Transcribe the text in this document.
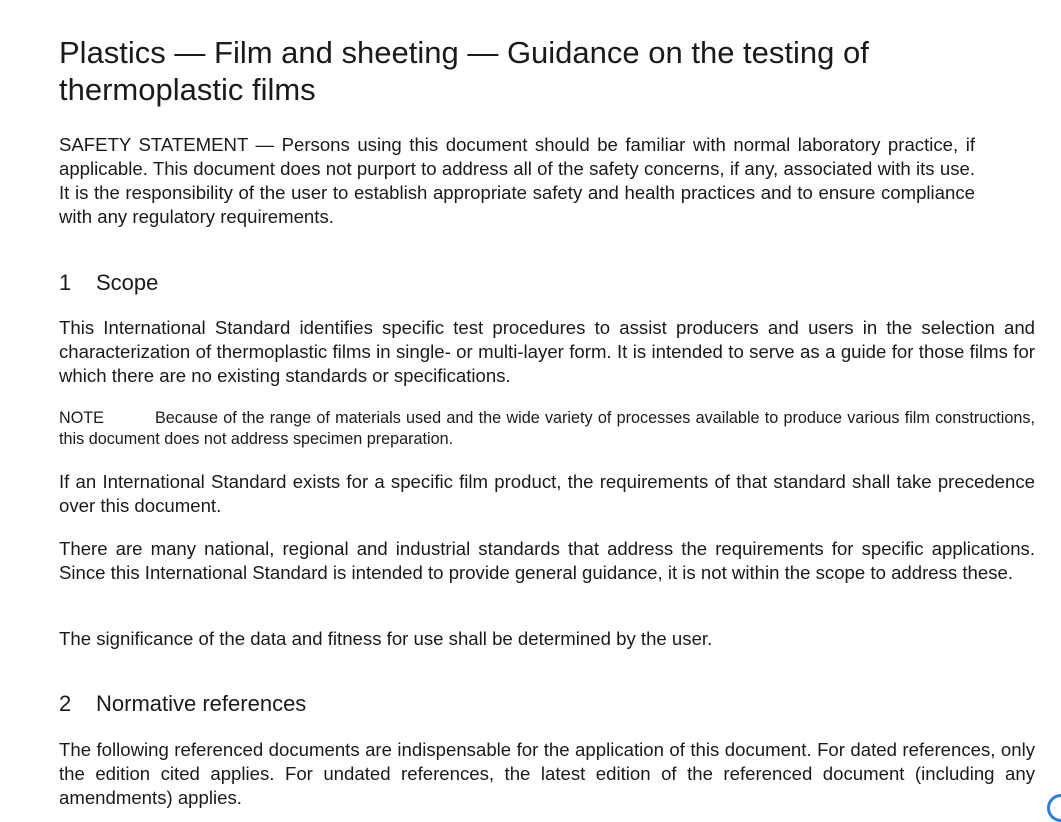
Plastics — Film and sheeting — Guidance on the testing of thermoplastic films

SAFETY STATEMENT — Persons using this document should be familiar with normal laboratory practice, if applicable. This document does not purport to address all of the safety concerns, if any, associated with its use. It is the responsibility of the user to establish appropriate safety and health practices and to ensure compliance with any regulatory requirements.

1 Scope

This International Standard identifies specific test procedures to assist producers and users in the selection and characterization of thermoplastic films in single- or multi-layer form. It is intended to serve as a guide for those films for which there are no existing standards or specifications.

NOTE	Because of the range of materials used and the wide variety of processes available to produce various film constructions, this document does not address specimen preparation.

If an International Standard exists for a specific film product, the requirements of that standard shall take precedence over this document.

There are many national, regional and industrial standards that address the requirements for specific applications. Since this International Standard is intended to provide general guidance, it is not within the scope to address these.

The significance of the data and fitness for use shall be determined by the user.

2 Normative references

The following referenced documents are indispensable for the application of this document. For dated references, only the edition cited applies. For undated references, the latest edition of the referenced document (including any amendments) applies.
